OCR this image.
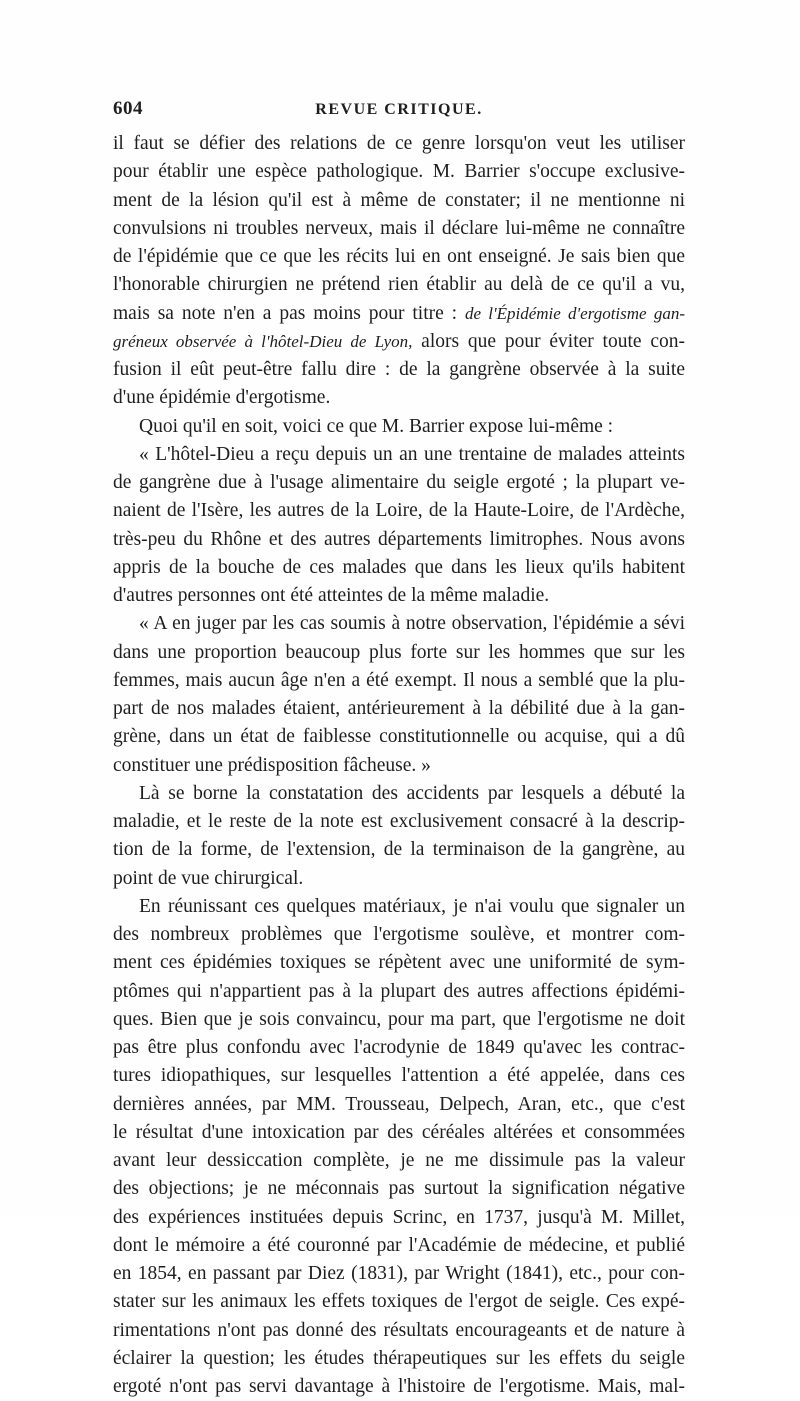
604	REVUE CRITIQUE.
il faut se défier des relations de ce genre lorsqu'on veut les utiliser
pour établir une espèce pathologique. M. Barrier s'occupe exclusive-
ment de la lésion qu'il est à même de constater; il ne mentionne ni
convulsions ni troubles nerveux, mais il déclare lui-même ne connaître
de l'épidémie que ce que les récits lui en ont enseigné. Je sais bien que
l'honorable chirurgien ne prétend rien établir au delà de ce qu'il a vu,
mais sa note n'en a pas moins pour titre : de l'Épidémie d'ergotisme gan-
gréneux observée à l'hôtel-Dieu de Lyon, alors que pour éviter toute con-
fusion il eût peut-être fallu dire : de la gangrène observée à la suite
d'une épidémie d'ergotisme.
Quoi qu'il en soit, voici ce que M. Barrier expose lui-même :
« L'hôtel-Dieu a reçu depuis un an une trentaine de malades atteints
de gangrène due à l'usage alimentaire du seigle ergoté ; la plupart ve-
naient de l'Isère, les autres de la Loire, de la Haute-Loire, de l'Ardèche,
très-peu du Rhône et des autres départements limitrophes. Nous avons
appris de la bouche de ces malades que dans les lieux qu'ils habitent
d'autres personnes ont été atteintes de la même maladie.
« A en juger par les cas soumis à notre observation, l'épidémie a sévi
dans une proportion beaucoup plus forte sur les hommes que sur les
femmes, mais aucun âge n'en a été exempt. Il nous a semblé que la plu-
part de nos malades étaient, antérieurement à la débilité due à la gan-
grène, dans un état de faiblesse constitutionnelle ou acquise, qui a dû
constituer une prédisposition fâcheuse. »
Là se borne la constatation des accidents par lesquels a débuté la
maladie, et le reste de la note est exclusivement consacré à la descrip-
tion de la forme, de l'extension, de la terminaison de la gangrène, au
point de vue chirurgical.
En réunissant ces quelques matériaux, je n'ai voulu que signaler un
des nombreux problèmes que l'ergotisme soulève, et montrer com-
ment ces épidémies toxiques se répètent avec une uniformité de sym-
ptômes qui n'appartient pas à la plupart des autres affections épidémi-
ques. Bien que je sois convaincu, pour ma part, que l'ergotisme ne doit
pas être plus confondu avec l'acrodynie de 1849 qu'avec les contrac-
tures idiopathiques, sur lesquelles l'attention a été appelée, dans ces
dernières années, par MM. Trousseau, Delpech, Aran, etc., que c'est
le résultat d'une intoxication par des céréales altérées et consommées
avant leur dessiccation complète, je ne me dissimule pas la valeur
des objections; je ne méconnais pas surtout la signification négative
des expériences instituées depuis Scrinc, en 1737, jusqu'à M. Millet,
dont le mémoire a été couronné par l'Académie de médecine, et publié
en 1854, en passant par Diez (1831), par Wright (1841), etc., pour con-
stater sur les animaux les effets toxiques de l'ergot de seigle. Ces expé-
rimentations n'ont pas donné des résultats encourageants et de nature à
éclairer la question; les études thérapeutiques sur les effets du seigle
ergoté n'ont pas servi davantage à l'histoire de l'ergotisme. Mais, mal-
